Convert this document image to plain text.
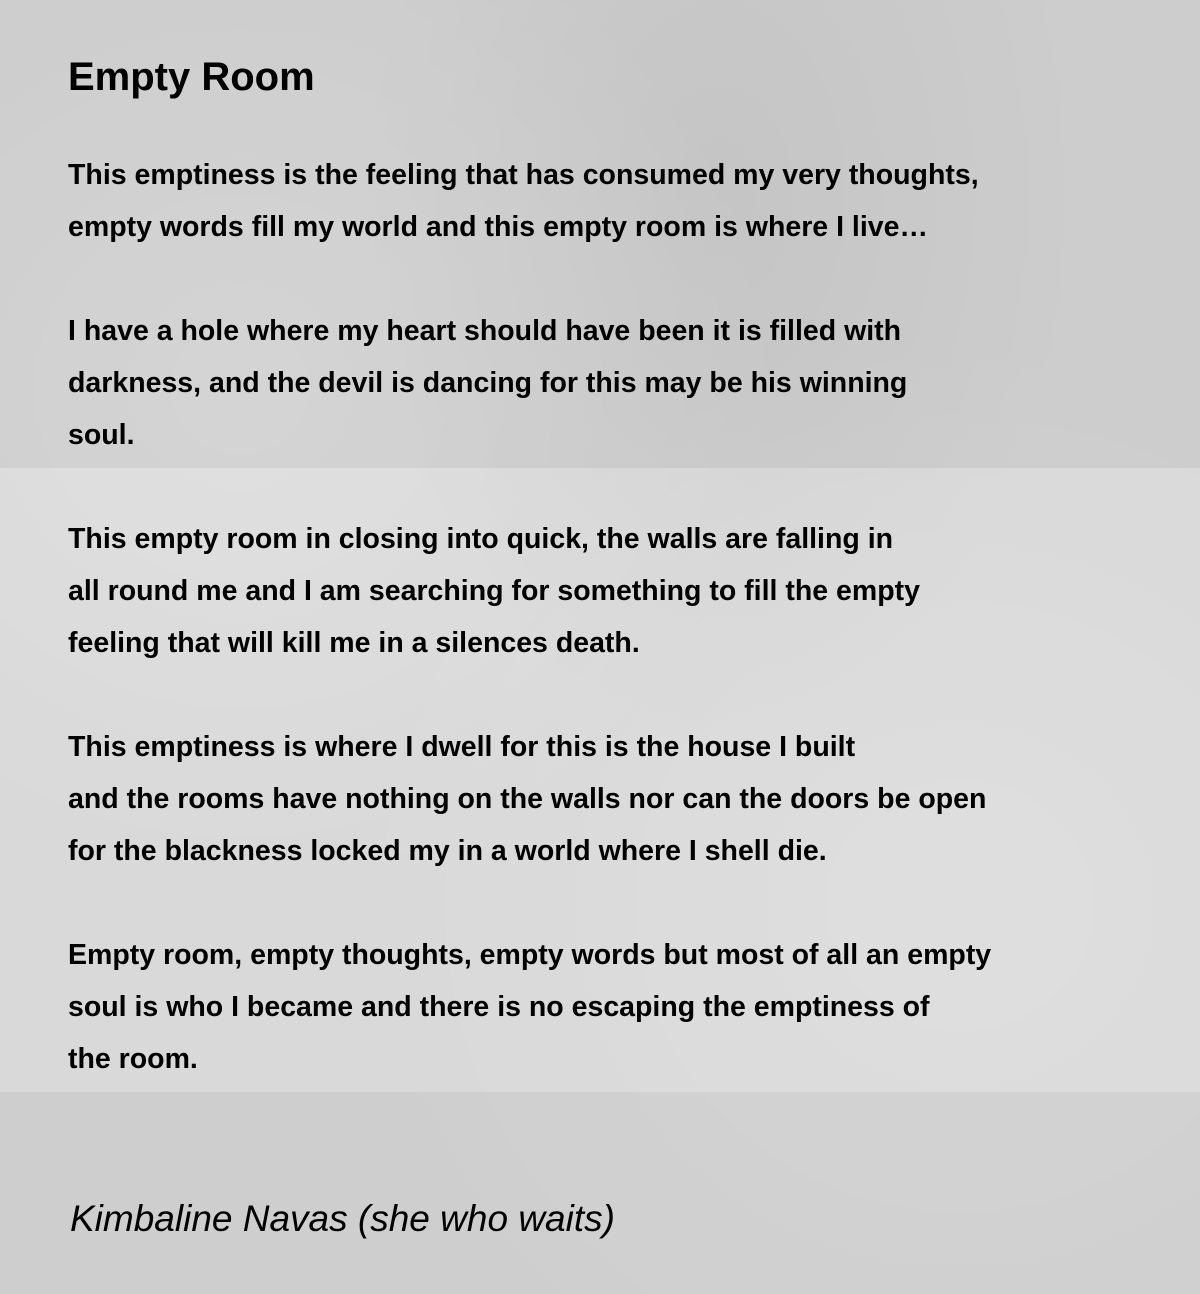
Empty Room
This emptiness is the feeling that has consumed my very thoughts,
empty words fill my world and this empty room is where I live…
I have a hole where my heart should have been it is filled with
darkness, and the devil is dancing for this may be his winning
soul.
This empty room in closing into quick, the walls are falling in
all round me and I am searching for something to fill the empty
feeling that will kill me in a silences death.
This emptiness is where I dwell for this is the house I built
and the rooms have nothing on the walls nor can the doors be open
for the blackness locked my in a world where I shell die.
Empty room, empty thoughts, empty words but most of all an empty
soul is who I became and there is no escaping the emptiness of
the room.
Kimbaline Navas (she who waits)
